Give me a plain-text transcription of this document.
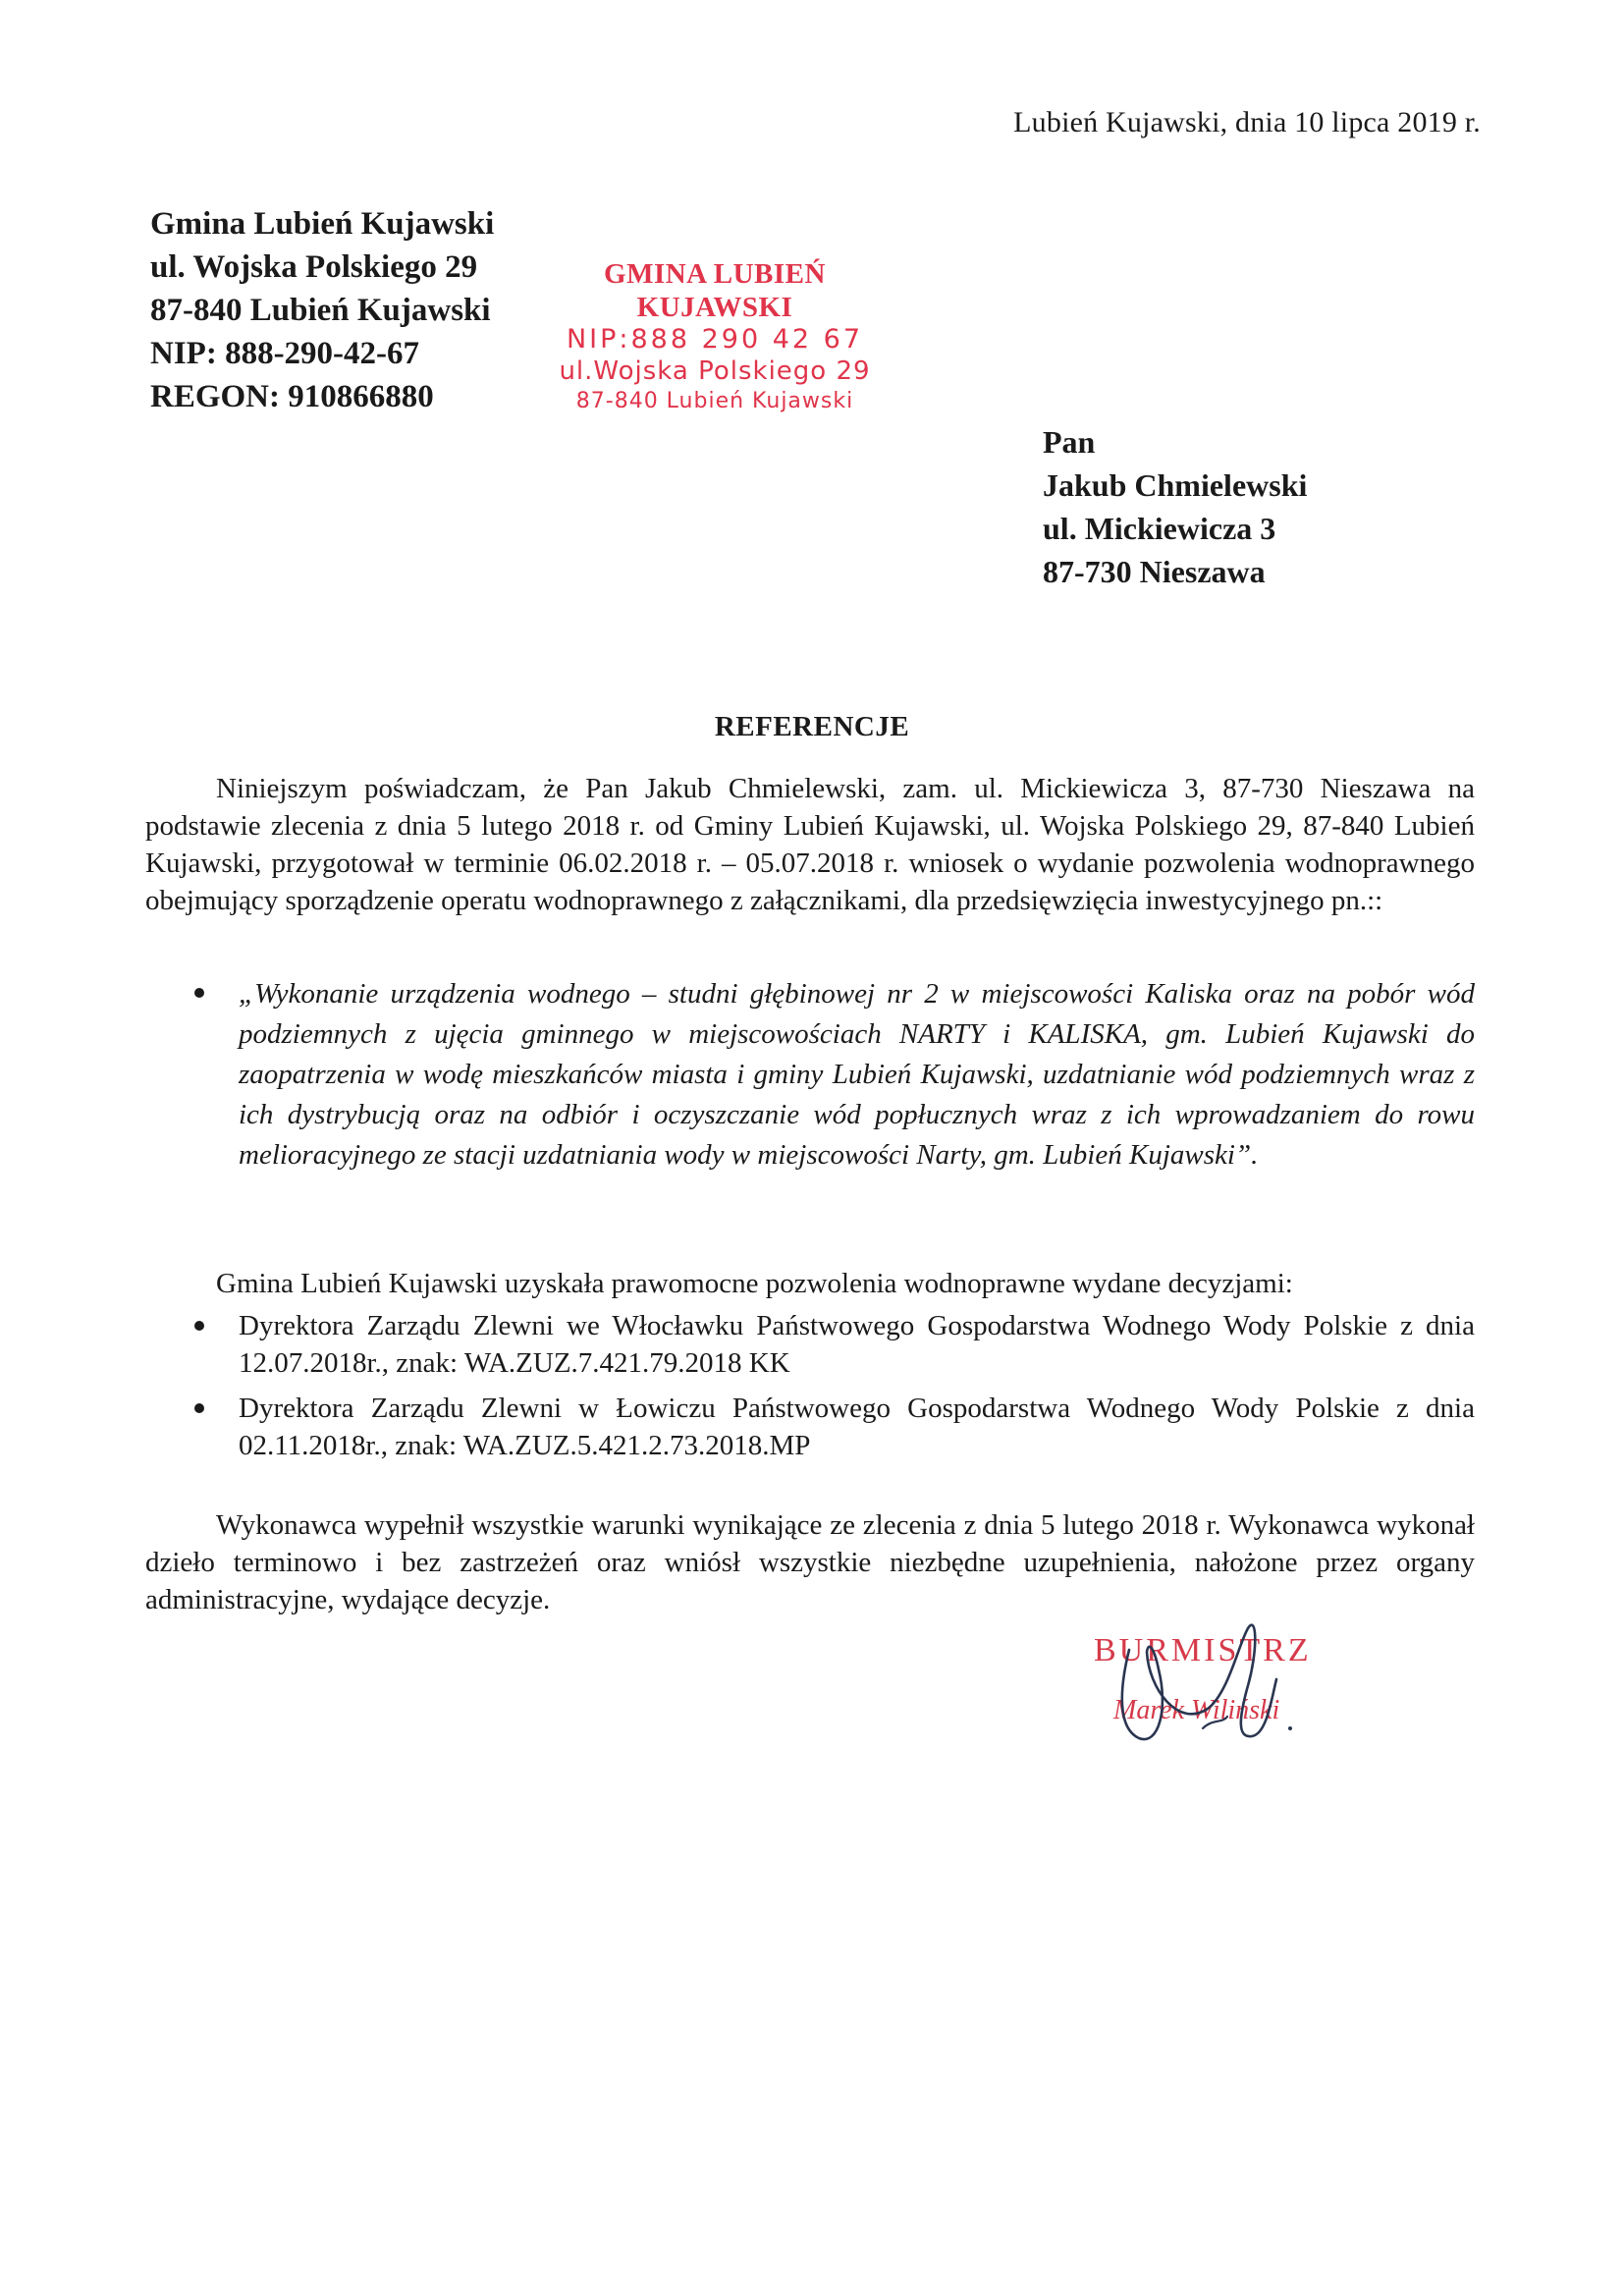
Lubień Kujawski, dnia 10 lipca 2019 r.
Gmina Lubień Kujawski
ul. Wojska Polskiego 29
87-840 Lubień Kujawski
NIP: 888-290-42-67
REGON: 910866880
GMINA LUBIEŃ KUJAWSKI
NIP:888 290 42 67
ul.Wojska Polskiego 29
87-840 Lubień Kujawski
Pan
Jakub Chmielewski
ul. Mickiewicza 3
87-730 Nieszawa
REFERENCJE

Niniejszym poświadczam, że Pan Jakub Chmielewski, zam. ul. Mickiewicza 3, 87-730 Nieszawa na podstawie zlecenia z dnia 5 lutego 2018 r. od Gminy Lubień Kujawski, ul. Wojska Polskiego 29, 87-840 Lubień Kujawski, przygotował w terminie 06.02.2018 r. – 05.07.2018 r. wniosek o wydanie pozwolenia wodnoprawnego obejmujący sporządzenie operatu wodnoprawnego z załącznikami, dla przedsięwzięcia inwestycyjnego pn.::

„Wykonanie urządzenia wodnego – studni głębinowej nr 2 w miejscowości Kaliska oraz na pobór wód podziemnych z ujęcia gminnego w miejscowościach NARTY i KALISKA, gm. Lubień Kujawski do zaopatrzenia w wodę mieszkańców miasta i gminy Lubień Kujawski, uzdatnianie wód podziemnych wraz z ich dystrybucją oraz na odbiór i oczyszczanie wód popłucznych wraz z ich wprowadzaniem do rowu melioracyjnego ze stacji uzdatniania wody w miejscowości Narty, gm. Lubień Kujawski”.

Gmina Lubień Kujawski uzyskała prawomocne pozwolenia wodnoprawne wydane decyzjami:

Dyrektora Zarządu Zlewni we Włocławku Państwowego Gospodarstwa Wodnego Wody Polskie z dnia 12.07.2018r., znak: WA.ZUZ.7.421.79.2018 KK
Dyrektora Zarządu Zlewni w Łowiczu Państwowego Gospodarstwa Wodnego Wody Polskie z dnia 02.11.2018r., znak: WA.ZUZ.5.421.2.73.2018.MP

Wykonawca wypełnił wszystkie warunki wynikające ze zlecenia z dnia 5 lutego 2018 r. Wykonawca wykonał dzieło terminowo i bez zastrzeżeń oraz wniósł wszystkie niezbędne uzupełnienia, nałożone przez organy administracyjne, wydające decyzje.

BURMISTRZ
Marek Wiliński
